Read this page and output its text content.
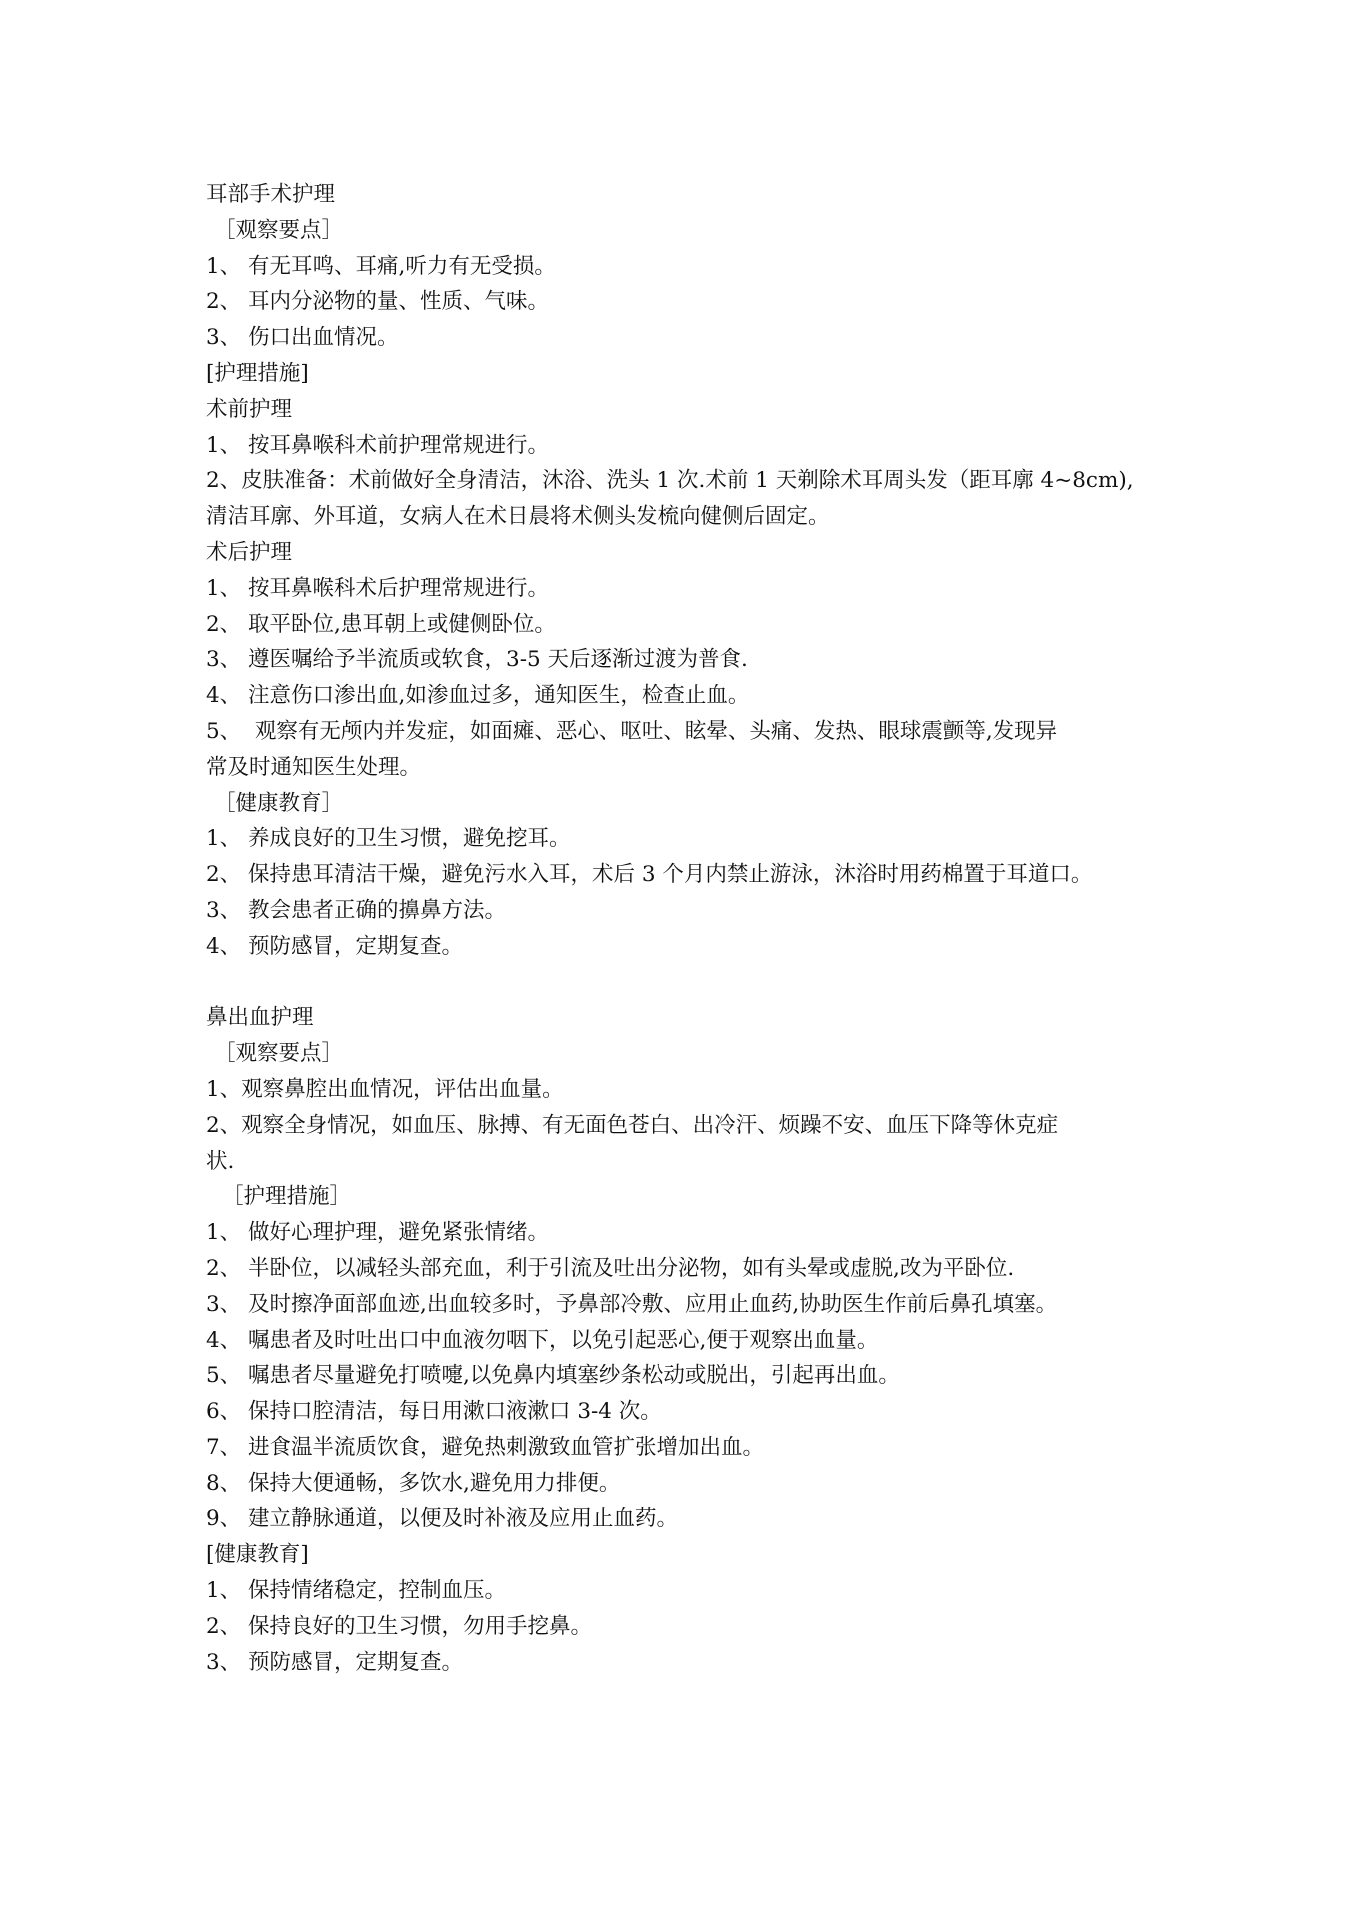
耳部手术护理
［观察要点］
1、 有无耳鸣、耳痛,听力有无受损。
2、 耳内分泌物的量、性质、气味。
3、 伤口出血情况。
[护理措施]
术前护理
1、 按耳鼻喉科术前护理常规进行。
2、皮肤准备：术前做好全身清洁，沐浴、洗头 1 次.术前 1 天剃除术耳周头发（距耳廓 4~8cm),
清洁耳廓、外耳道，女病人在术日晨将术侧头发梳向健侧后固定。
术后护理
1、 按耳鼻喉科术后护理常规进行。
2、 取平卧位,患耳朝上或健侧卧位。
3、 遵医嘱给予半流质或软食，3-5 天后逐渐过渡为普食.
4、 注意伤口渗出血,如渗血过多，通知医生，检查止血。
5、  观察有无颅内并发症，如面瘫、恶心、呕吐、眩晕、头痛、发热、眼球震颤等,发现异
常及时通知医生处理。
［健康教育］
1、 养成良好的卫生习惯，避免挖耳。
2、 保持患耳清洁干燥，避免污水入耳，术后 3 个月内禁止游泳，沐浴时用药棉置于耳道口。
3、 教会患者正确的擤鼻方法。
4、 预防感冒，定期复查。
鼻出血护理
［观察要点］
1、观察鼻腔出血情况，评估出血量。
2、观察全身情况，如血压、脉搏、有无面色苍白、出冷汗、烦躁不安、血压下降等休克症
状.
［护理措施］
1、 做好心理护理，避免紧张情绪。
2、 半卧位，以减轻头部充血，利于引流及吐出分泌物，如有头晕或虚脱,改为平卧位.
3、 及时擦净面部血迹,出血较多时，予鼻部冷敷、应用止血药,协助医生作前后鼻孔填塞。
4、 嘱患者及时吐出口中血液勿咽下，以免引起恶心,便于观察出血量。
5、 嘱患者尽量避免打喷嚏,以免鼻内填塞纱条松动或脱出，引起再出血。
6、 保持口腔清洁，每日用漱口液漱口 3-4 次。
7、 进食温半流质饮食，避免热刺激致血管扩张增加出血。
8、 保持大便通畅，多饮水,避免用力排便。
9、 建立静脉通道，以便及时补液及应用止血药。
[健康教育]
1、 保持情绪稳定，控制血压。
2、 保持良好的卫生习惯，勿用手挖鼻。
3、 预防感冒，定期复查。
